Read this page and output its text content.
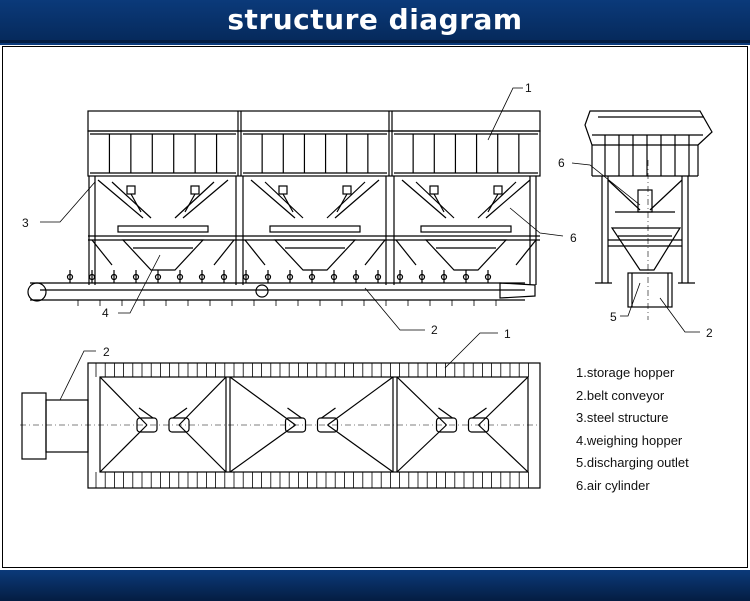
structure diagram
1
3
4
2
6
6
5
2
2
1
1.storage hopper
2.belt conveyor
3.steel structure
4.weighing hopper
5.discharging outlet
6.air cylinder
